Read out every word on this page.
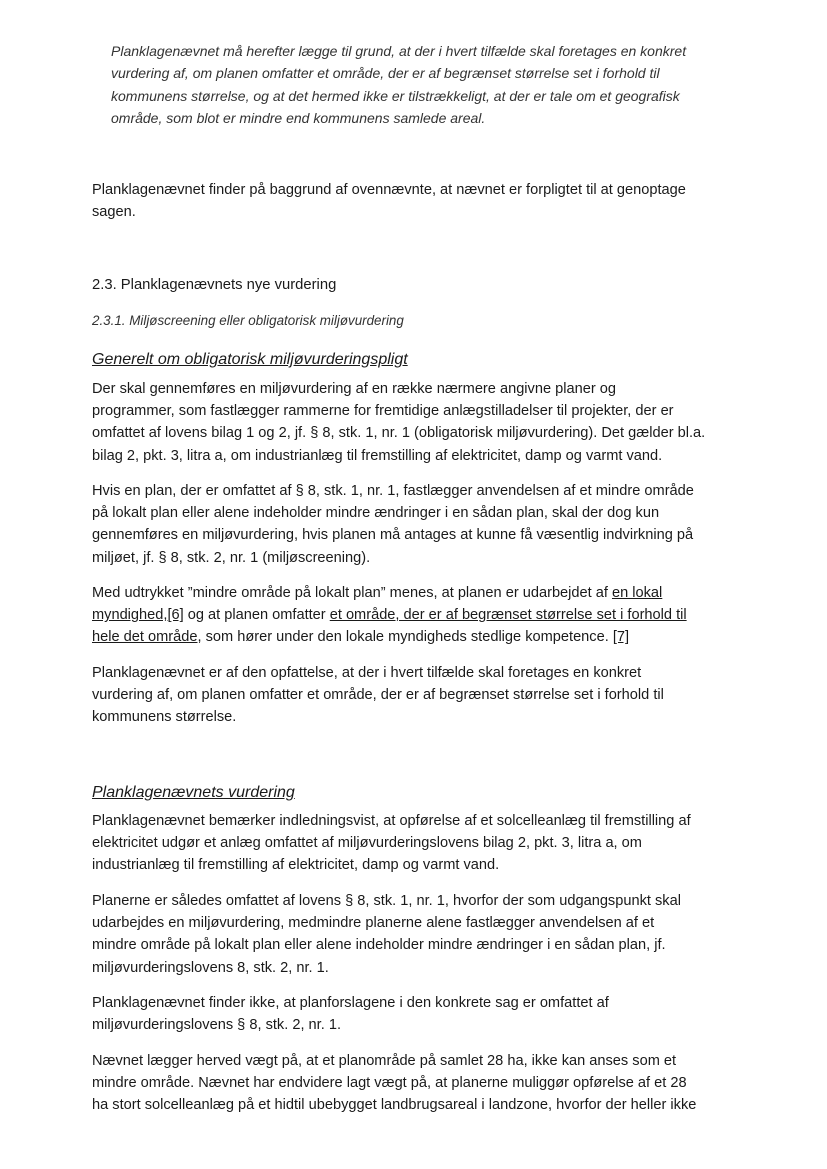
Planklagenævnet må herefter lægge til grund, at der i hvert tilfælde skal foretages en konkret
vurdering af, om planen omfatter et område, der er af begrænset størrelse set i forhold til
kommunens størrelse, og at det hermed ikke er tilstrækkeligt, at der er tale om et geografisk
område, som blot er mindre end kommunens samlede areal.

Planklagenævnet finder på baggrund af ovennævnte, at nævnet er forpligtet til at genoptage
sagen.

2.3. Planklagenævnets nye vurdering
2.3.1. Miljøscreening eller obligatorisk miljøvurdering
Generelt om obligatorisk miljøvurderingspligt

Der skal gennemføres en miljøvurdering af en række nærmere angivne planer og
programmer, som fastlægger rammerne for fremtidige anlægstilladelser til projekter, der er
omfattet af lovens bilag 1 og 2, jf. § 8, stk. 1, nr. 1 (obligatorisk miljøvurdering). Det gælder bl.a.
bilag 2, pkt. 3, litra a, om industrianlæg til fremstilling af elektricitet, damp og varmt vand.

Hvis en plan, der er omfattet af § 8, stk. 1, nr. 1, fastlægger anvendelsen af et mindre område
på lokalt plan eller alene indeholder mindre ændringer i en sådan plan, skal der dog kun
gennemføres en miljøvurdering, hvis planen må antages at kunne få væsentlig indvirkning på
miljøet, jf. § 8, stk. 2, nr. 1 (miljøscreening).

Med udtrykket ”mindre område på lokalt plan” menes, at planen er udarbejdet af en lokal
myndighed,[6] og at planen omfatter et område, der er af begrænset størrelse set i forhold til
hele det område, som hører under den lokale myndigheds stedlige kompetence. [7]

Planklagenævnet er af den opfattelse, at der i hvert tilfælde skal foretages en konkret
vurdering af, om planen omfatter et område, der er af begrænset størrelse set i forhold til
kommunens størrelse.

Planklagenævnets vurdering

Planklagenævnet bemærker indledningsvist, at opførelse af et solcelleanlæg til fremstilling af
elektricitet udgør et anlæg omfattet af miljøvurderingslovens bilag 2, pkt. 3, litra a, om
industrianlæg til fremstilling af elektricitet, damp og varmt vand.

Planerne er således omfattet af lovens § 8, stk. 1, nr. 1, hvorfor der som udgangspunkt skal
udarbejdes en miljøvurdering, medmindre planerne alene fastlægger anvendelsen af et
mindre område på lokalt plan eller alene indeholder mindre ændringer i en sådan plan, jf.
miljøvurderingslovens 8, stk. 2, nr. 1.

Planklagenævnet finder ikke, at planforslagene i den konkrete sag er omfattet af
miljøvurderingslovens § 8, stk. 2, nr. 1.

Nævnet lægger herved vægt på, at et planområde på samlet 28 ha, ikke kan anses som et
mindre område. Nævnet har endvidere lagt vægt på, at planerne muliggør opførelse af et 28
ha stort solcelleanlæg på et hidtil ubebygget landbrugsareal i landzone, hvorfor der heller ikke
